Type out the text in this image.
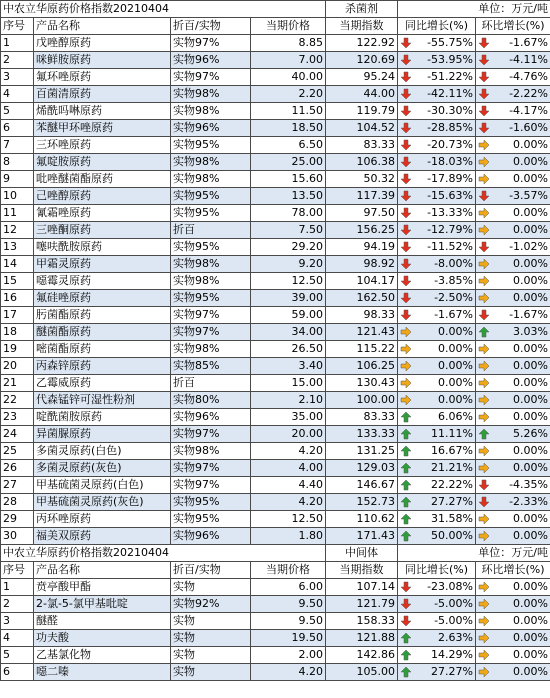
中农立华原药价格指数20210404				杀菌剂	单位：万元/吨	
序号	产品名称	折百/实物	当期价格	当期指数	同比增长(%)	环比增长(%)
1	戊唑醇原药	实物97%	8.85	122.92	-55.75%	-1.67%
2	咪鲜胺原药	实物96%	7.00	120.69	-53.95%	-4.11%
3	氟环唑原药	实物97%	40.00	95.24	-51.22%	-4.76%
4	百菌清原药	实物98%	2.20	44.00	-42.11%	-2.22%
5	烯酰吗啉原药	实物98%	11.50	119.79	-30.30%	-4.17%
6	苯醚甲环唑原药	实物96%	18.50	104.52	-28.85%	-1.60%
7	三环唑原药	实物95%	6.50	83.33	-20.73%	0.00%
8	氟啶胺原药	实物98%	25.00	106.38	-18.03%	0.00%
9	吡唑醚菌酯原药	实物98%	15.60	50.32	-17.89%	0.00%
10	己唑醇原药	实物95%	13.50	117.39	-15.63%	-3.57%
11	氰霜唑原药	实物95%	78.00	97.50	-13.33%	0.00%
12	三唑酮原药	折百	7.50	156.25	-12.79%	0.00%
13	噻呋酰胺原药	实物95%	29.20	94.19	-11.52%	-1.02%
14	甲霜灵原药	实物98%	9.20	98.92	-8.00%	0.00%
15	噁霉灵原药	实物98%	12.50	104.17	-3.85%	0.00%
16	氟硅唑原药	实物95%	39.00	162.50	-2.50%	0.00%
17	肟菌酯原药	实物97%	59.00	98.33	-1.67%	-1.67%
18	醚菌酯原药	实物97%	34.00	121.43	0.00%	3.03%
19	嘧菌酯原药	实物98%	26.50	115.22	0.00%	0.00%
20	丙森锌原药	实物85%	3.40	106.25	0.00%	0.00%
21	乙霉威原药	折百	15.00	130.43	0.00%	0.00%
22	代森锰锌可湿性粉剂	实物80%	2.10	100.00	0.00%	0.00%
23	啶酰菌胺原药	实物96%	35.00	83.33	6.06%	0.00%
24	异菌脲原药	实物97%	20.00	133.33	11.11%	5.26%
25	多菌灵原药(白色)	实物98%	4.20	131.25	16.67%	0.00%
26	多菌灵原药(灰色)	实物97%	4.00	129.03	21.21%	0.00%
27	甲基硫菌灵原药(白色)	实物97%	4.40	146.67	22.22%	-4.35%
28	甲基硫菌灵原药(灰色)	实物95%	4.20	152.73	27.27%	-2.33%
29	丙环唑原药	实物95%	12.50	110.62	31.58%	0.00%
30	福美双原药	实物96%	1.80	171.43	50.00%	0.00%
中农立华原药价格指数20210404				中间体	单位：万元/吨	
序号	产品名称	折百/实物	当期价格	当期指数	同比增长(%)	环比增长(%)
1	贲亭酸甲酯	实物	6.00	107.14	-23.08%	0.00%
2	2-氯-5-氯甲基吡啶	实物92%	9.50	121.79	-5.00%	0.00%
3	醚醛	实物	9.50	158.33	-5.00%	0.00%
4	功夫酸	实物	19.50	121.88	2.63%	0.00%
5	乙基氯化物	实物	2.00	142.86	14.29%	0.00%
6	噁二嗪	实物	4.20	105.00	27.27%	0.00%
